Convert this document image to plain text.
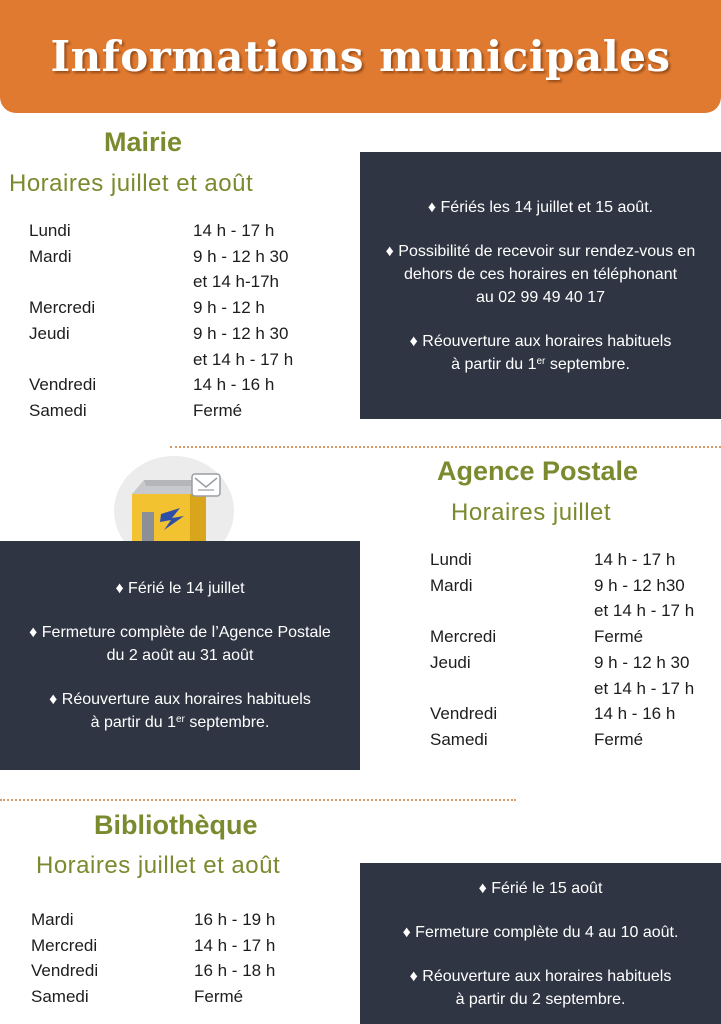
Informations municipales
Mairie
Horaires juillet et août
Lundi	14 h - 17 h
Mardi	9 h - 12 h 30
et 14 h-17h
Mercredi	9 h - 12 h
Jeudi	9 h - 12 h 30
et 14 h - 17 h
Vendredi	14 h - 16 h
Samedi	Fermé

♦ Fériés les 14 juillet et 15 août.

♦ Possibilité de recevoir sur rendez-vous en
dehors de ces horaires en téléphonant
au 02 99 49 40 17

♦ Réouverture aux horaires habituels
à partir du 1er septembre.

Agence Postale
Horaires juillet

♦ Férié le 14 juillet

♦ Fermeture complète de l’Agence Postale
du 2 août au 31 août

♦ Réouverture aux horaires habituels
à partir du 1er septembre.

Lundi	14 h - 17 h
Mardi	9 h - 12 h30
et 14 h - 17 h
Mercredi	Fermé
Jeudi	9 h - 12 h 30
et 14 h - 17 h
Vendredi	14 h - 16 h
Samedi	Fermé
Bibliothèque
Horaires juillet et août
Mardi	16 h - 19 h
Mercredi	14 h - 17 h
Vendredi	16 h - 18 h
Samedi	Fermé

♦ Férié le 15 août

♦ Fermeture complète du 4 au 10 août.

♦ Réouverture aux horaires habituels
à partir du 2 septembre.
